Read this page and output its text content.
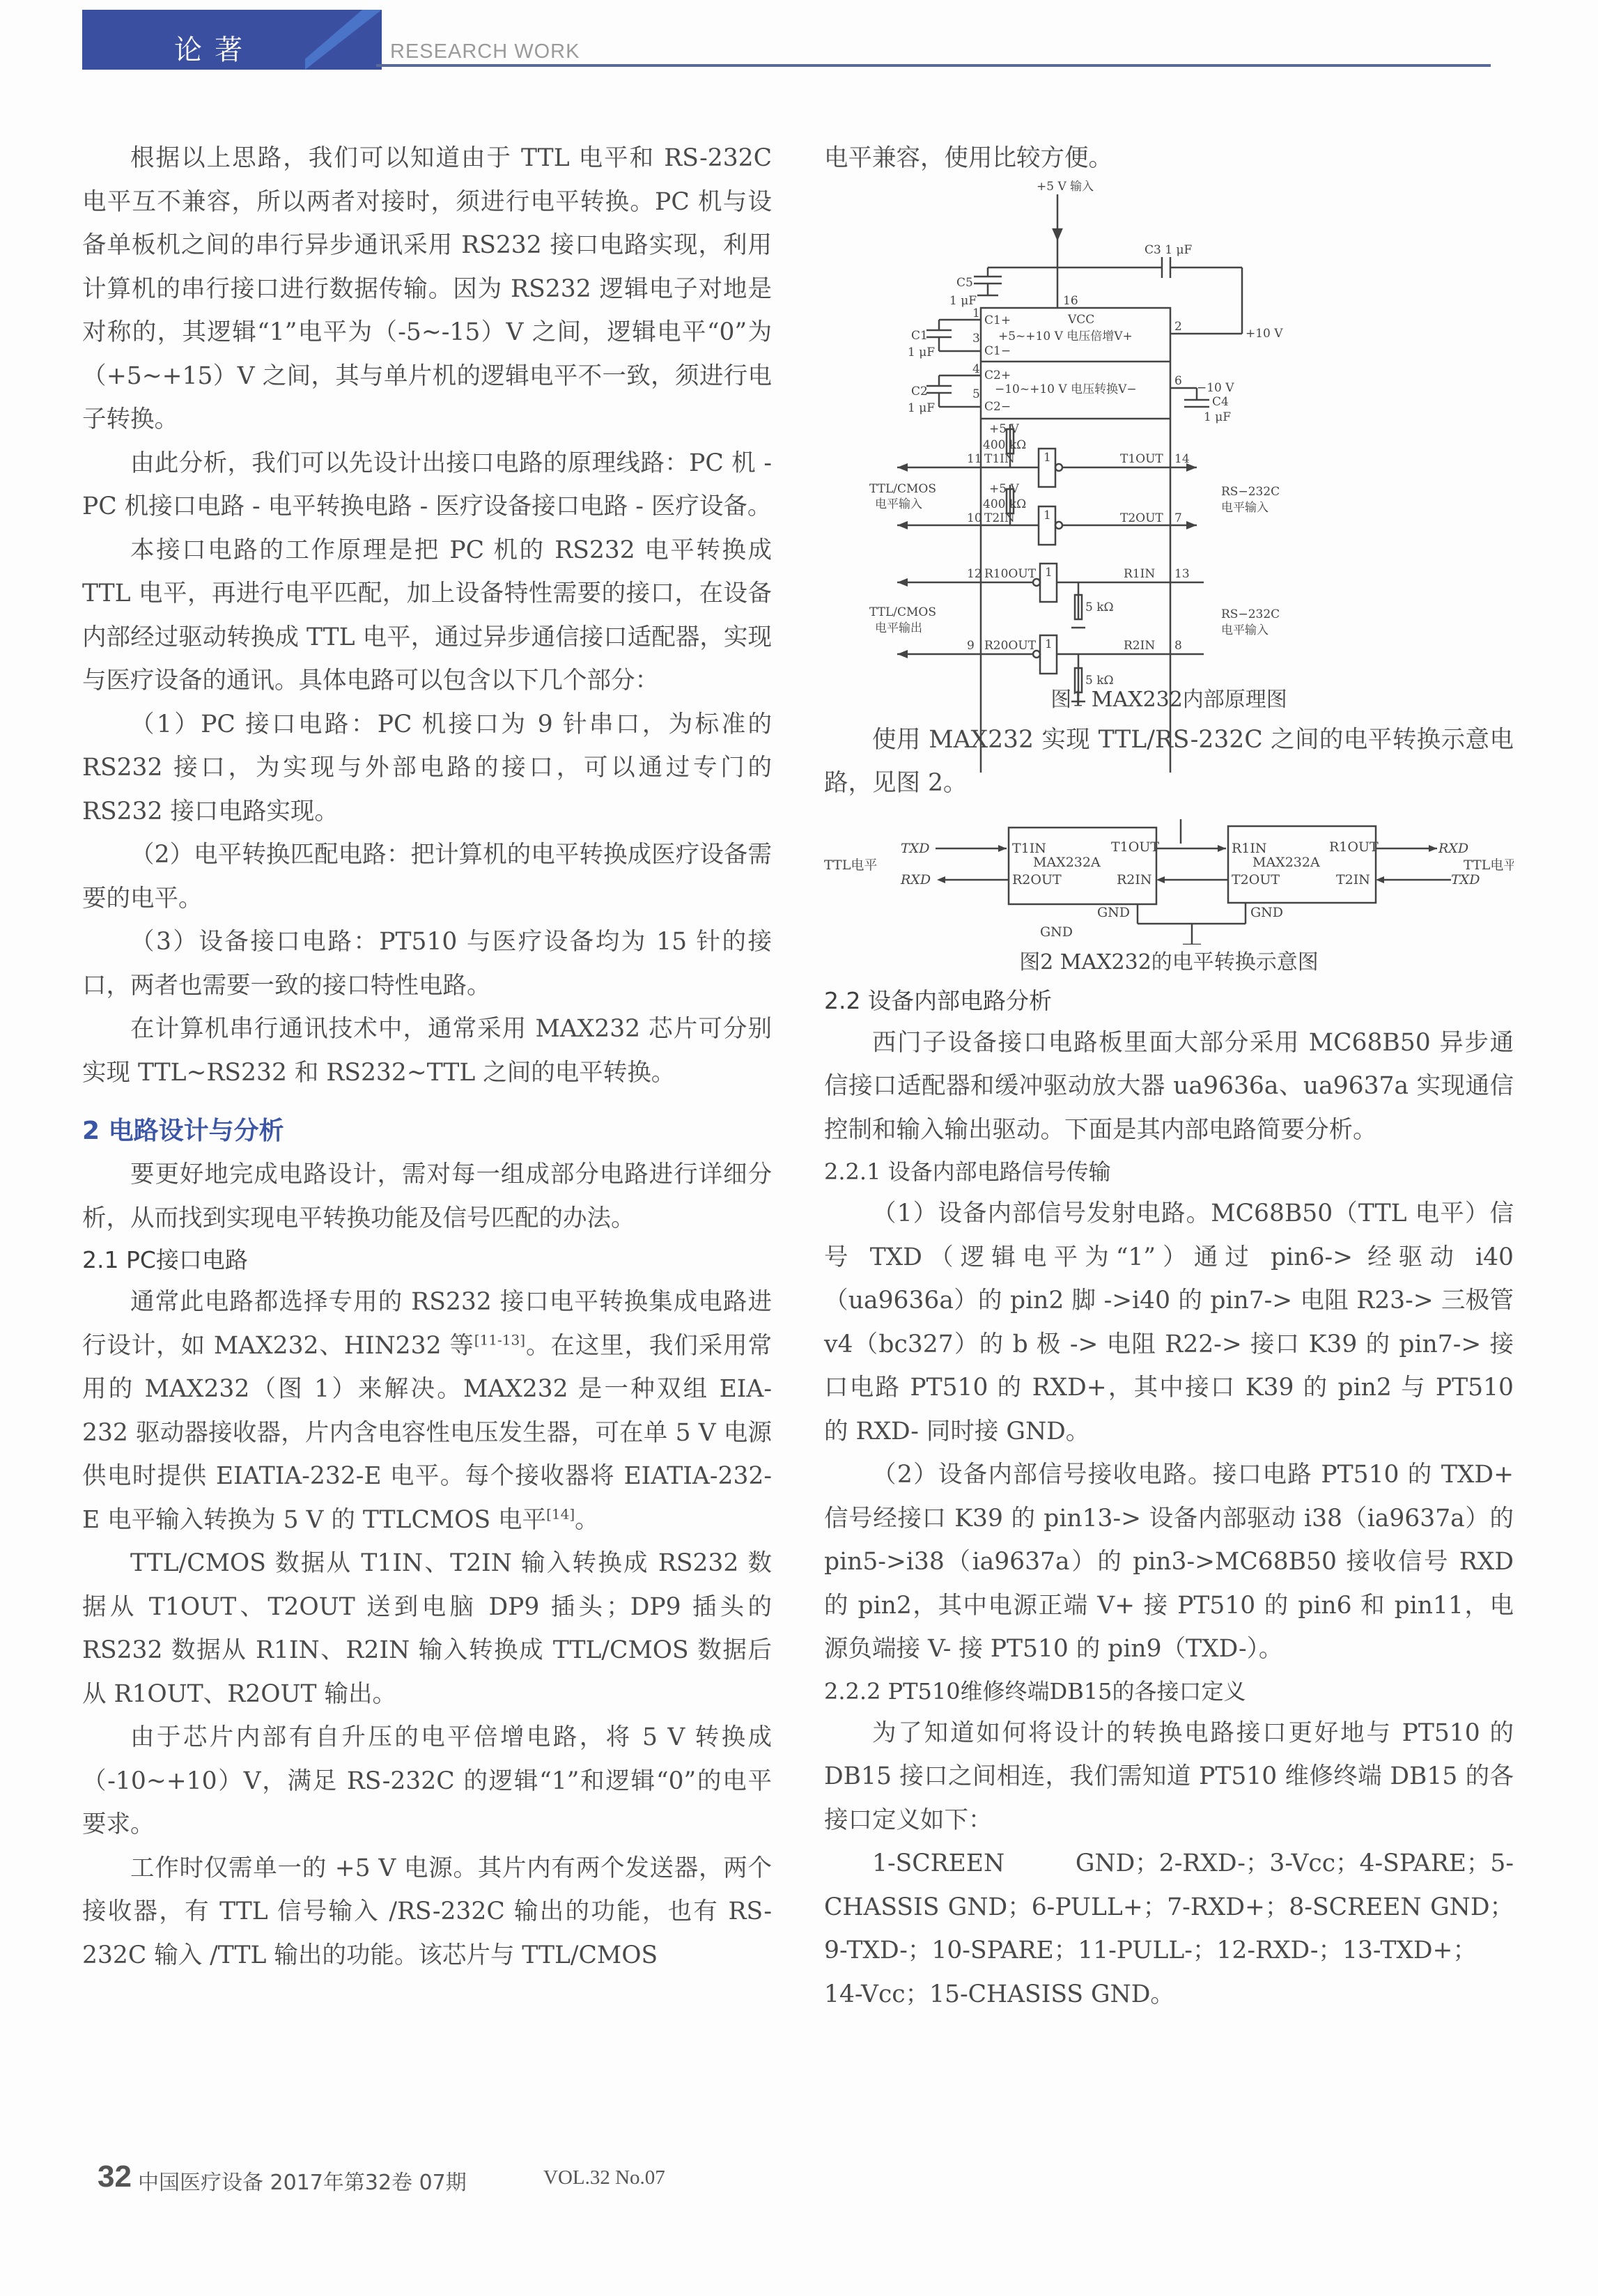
论著	RESEARCH WORK

根据以上思路，我们可以知道由于 TTL 电平和 RS-232C 电平互不兼容，所以两者对接时，须进行电平转换。PC 机与设备单板机之间的串行异步通讯采用 RS232 接口电路实现，利用计算机的串行接口进行数据传输。因为 RS232 逻辑电子对地是对称的，其逻辑“1”电平为（-5~-15）V 之间，逻辑电平“0”为（+5~+15）V 之间，其与单片机的逻辑电平不一致，须进行电子转换。

由此分析，我们可以先设计出接口电路的原理线路：PC 机 -PC 机接口电路 - 电平转换电路 - 医疗设备接口电路 - 医疗设备。

本接口电路的工作原理是把 PC 机的 RS232 电平转换成 TTL 电平，再进行电平匹配，加上设备特性需要的接口，在设备内部经过驱动转换成 TTL 电平，通过异步通信接口适配器，实现与医疗设备的通讯。具体电路可以包含以下几个部分：

（1）PC 接口电路：PC 机接口为 9 针串口，为标准的 RS232 接口，为实现与外部电路的接口，可以通过专门的 RS232 接口电路实现。

（2）电平转换匹配电路：把计算机的电平转换成医疗设备需要的电平。

（3）设备接口电路：PT510 与医疗设备均为 15 针的接口，两者也需要一致的接口特性电路。

在计算机串行通讯技术中，通常采用 MAX232 芯片可分别实现 TTL~RS232 和 RS232~TTL 之间的电平转换。

2 电路设计与分析

要更好地完成电路设计，需对每一组成部分电路进行详细分析，从而找到实现电平转换功能及信号匹配的办法。

2.1 PC接口电路

通常此电路都选择专用的 RS232 接口电平转换集成电路进行设计，如 MAX232、HIN232 等[11-13]。在这里，我们采用常用的 MAX232（图 1）来解决。MAX232 是一种双组 EIA-232 驱动器接收器，片内含电容性电压发生器，可在单 5 V 电源供电时提供 EIATIA-232-E 电平。每个接收器将 EIATIA-232-E 电平输入转换为 5 V 的 TTLCMOS 电平[14]。

TTL/CMOS 数据从 T1IN、T2IN 输入转换成 RS232 数据从 T1OUT、T2OUT 送到电脑 DP9 插头；DP9 插头的 RS232 数据从 R1IN、R2IN 输入转换成 TTL/CMOS 数据后从 R1OUT、R2OUT 输出。

由于芯片内部有自升压的电平倍增电路，将 5 V 转换成（-10~+10）V，满足 RS-232C 的逻辑“1”和逻辑“0”的电平要求。

工作时仅需单一的 +5 V 电源。其片内有两个发送器，两个接收器，有 TTL 信号输入 /RS-232C 输出的功能，也有 RS-232C 输入 /TTL 输出的功能。该芯片与 TTL/CMOS

电平兼容，使用比较方便。

+5 V 输入
C3 1 μF
C5
1 μF	16
VCC
C1+
C1−
+5~+10 V 电压倍增V+
2	+10 V
1
3
C1
1 μF
4
5
C2+
C2−
C2
1 μF
−10~+10 V 电压转换V−
6 −10 V
C4
1 μF
+5 V
400 kΩ
11 T1IN 1	T1OUT 14
+5 V
400 kΩ
10 T2IN 1	T2OUT 7
12 R10OUT 1	R1IN 13
5 kΩ
9 R20OUT 1	R2IN 8
5 kΩ
TTL/CMOS
电平输入
TTL/CMOS
电平输出
RS−232C
电平输入
RS−232C
电平输入
图1 MAX232内部原理图

使用 MAX232 实现 TTL/RS-232C 之间的电平转换示意电路，见图 2。

TTL电平
TXD
RXD
T1IN
MAX232A
T1OUT
R2OUT	R2IN
R1IN
MAX232A
R1OUT
T2OUT	T2IN
RXD
TXD
TTL电平
GND	GND
GND
图2 MAX232的电平转换示意图
2.2 设备内部电路分析

西门子设备接口电路板里面大部分采用 MC68B50 异步通信接口适配器和缓冲驱动放大器 ua9636a、ua9637a 实现通信控制和输入输出驱动。下面是其内部电路简要分析。

2.2.1 设备内部电路信号传输

（1）设备内部信号发射电路。MC68B50（TTL 电平）信号 TXD（逻辑电平为“1”）通过 pin6-> 经驱动 i40（ua9636a）的 pin2 脚 ->i40 的 pin7-> 电阻 R23-> 三极管 v4（bc327）的 b 极 -> 电阻 R22-> 接口 K39 的 pin7-> 接口电路 PT510 的 RXD+，其中接口 K39 的 pin2 与 PT510 的 RXD- 同时接 GND。

（2）设备内部信号接收电路。接口电路 PT510 的 TXD+ 信号经接口 K39 的 pin13-> 设备内部驱动 i38（ia9637a）的 pin5->i38（ia9637a）的 pin3->MC68B50 接收信号 RXD 的 pin2，其中电源正端 V+ 接 PT510 的 pin6 和 pin11，电源负端接 V- 接 PT510 的 pin9（TXD-）。

2.2.2 PT510维修终端DB15的各接口定义

为了知道如何将设计的转换电路接口更好地与 PT510 的 DB15 接口之间相连，我们需知道 PT510 维修终端 DB15 的各接口定义如下：

1-SCREEN GND；2-RXD-；3-Vcc；4-SPARE；5-CHASSIS GND；6-PULL+；7-RXD+；8-SCREEN GND；9-TXD-；10-SPARE；11-PULL-；12-RXD-；13-TXD+；14-Vcc；15-CHASISS GND。

32 中国医疗设备 2017年第32卷 07期	VOL.32 No.07
